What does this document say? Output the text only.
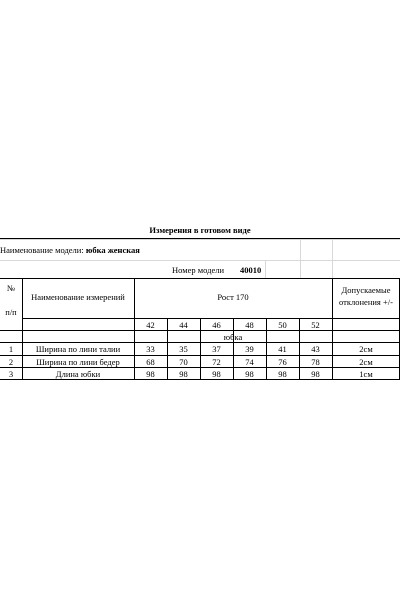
Измерения в готовом виде
Наименование модели:
юбка женская
Номер модели 40010
№
п/п
Наименование измерений	Рост 170
Допускаемые
отклонения +/-
42	44	46	48	50	52
юбка
1	Ширина по лини талии	33	35	37	39	41	43	2см
2	Ширина по лини бедер	68	70	72	74	76	78	2см
3	Длина юбки	98	98	98	98	98	98	1см
